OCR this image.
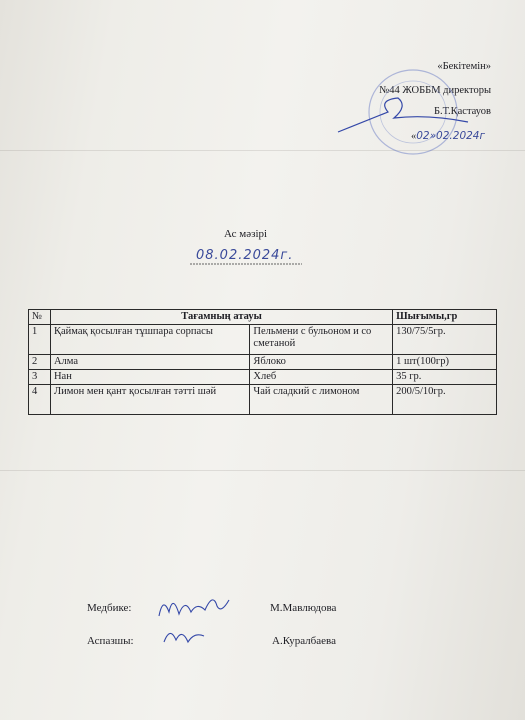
«Бекітемін»
№44 ЖОББМ директоры
Б.Т.Қастауов
«02»02.2024г
Ас мәзірі
08.02.2024г.
№	Тағамның атауы		Шығымы,гр
1	Қаймақ қосылған тұшпара сорпасы	Пельмени с бульоном и со сметаной	130/75/5гр.
2	Алма	Яблоко	1 шт(100гр)
3	Нан	Хлеб	35 гр.
4	Лимон мен қант қосылған тәтті шәй	Чай сладкий с лимоном	200/5/10гр.
Медбике:	М.Мавлюдова
Аспазшы:	А.Куралбаева
